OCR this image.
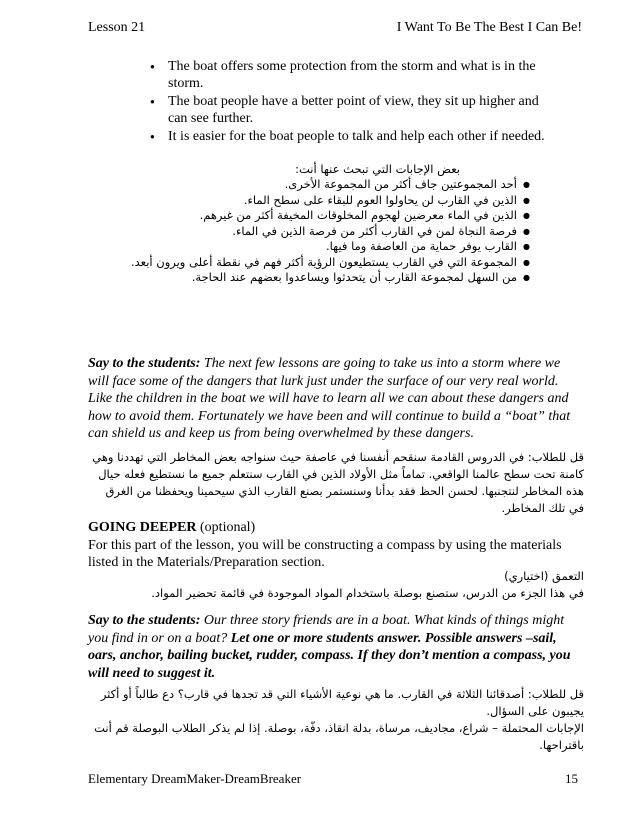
Lesson 21	I Want To Be The Best I Can Be!
● The boat offers some protection from the storm and what is in the storm.
● The boat people have a better point of view, they sit up higher and can see further.
● It is easier for the boat people to talk and help each other if needed.
بعض الإجابات التي تبحث عنها أنت:
● أحد المجموعتين جاف أكثر من المجموعة الأخرى.
● الذين في القارب لن يحاولوا العوم للبقاء على سطح الماء.
● الذين في الماء معرضين لهجوم المخلوقات المخيفة أكثر من غيرهم.
● فرصة النجاة لمن في القارب أكثر من فرصة الذين في الماء.
● القارب يوفر حماية من العاصفة وما فيها.
● المجموعة التي في القارب يستطيعون الرؤية أكثر فهم في نقطة أعلى ويرون أبعد.
● من السهل لمجموعة القارب أن يتحدثوا ويساعدوا بعضهم عند الحاجة.
Say to the students: The next few lessons are going to take us into a storm where we will face some of the dangers that lurk just under the surface of our very real world. Like the children in the boat we will have to learn all we can about these dangers and how to avoid them. Fortunately we have been and will continue to build a “boat” that can shield us and keep us from being overwhelmed by these dangers.
قل للطلاب: في الدروس القادمة سنقحم أنفسنا في عاصفة حيث سنواجه بعض المخاطر التي تهددنا وهي كامنة تحت سطح عالمنا الواقعي. تماماً مثل الأولاد الذين في القارب سنتعلم جميع ما نستطيع فعله حيال هذه المخاطر لنتجنبها. لحسن الحظ فقد بدأنا وسنستمر بصنع القارب الذي سيحمينا ويحفظنا من الغرق في تلك المخاطر.
GOING DEEPER (optional)
For this part of the lesson, you will be constructing a compass by using the materials listed in the Materials/Preparation section.
التعمق (اختياري)
في هذا الجزء من الدرس، ستصنع بوصلة باستخدام المواد الموجودة في قائمة تحضير المواد.
Say to the students: Our three story friends are in a boat. What kinds of things might you find in or on a boat? Let one or more students answer. Possible answers –sail, oars, anchor, bailing bucket, rudder, compass. If they don’t mention a compass, you will need to suggest it.
قل للطلاب: أصدقائنا الثلاثة في القارب. ما هي نوعية الأشياء التي قد تجدها في قارب؟ دع طالباً أو أكثر يجيبون على السؤال.
الإجابات المحتملة – شراع، مجاديف، مرساة، بدلة انقاذ، دفّة، بوصلة. إذا لم يذكر الطلاب البوصلة قم أنت باقتراحها.
Elementary DreamMaker-DreamBreaker	15
